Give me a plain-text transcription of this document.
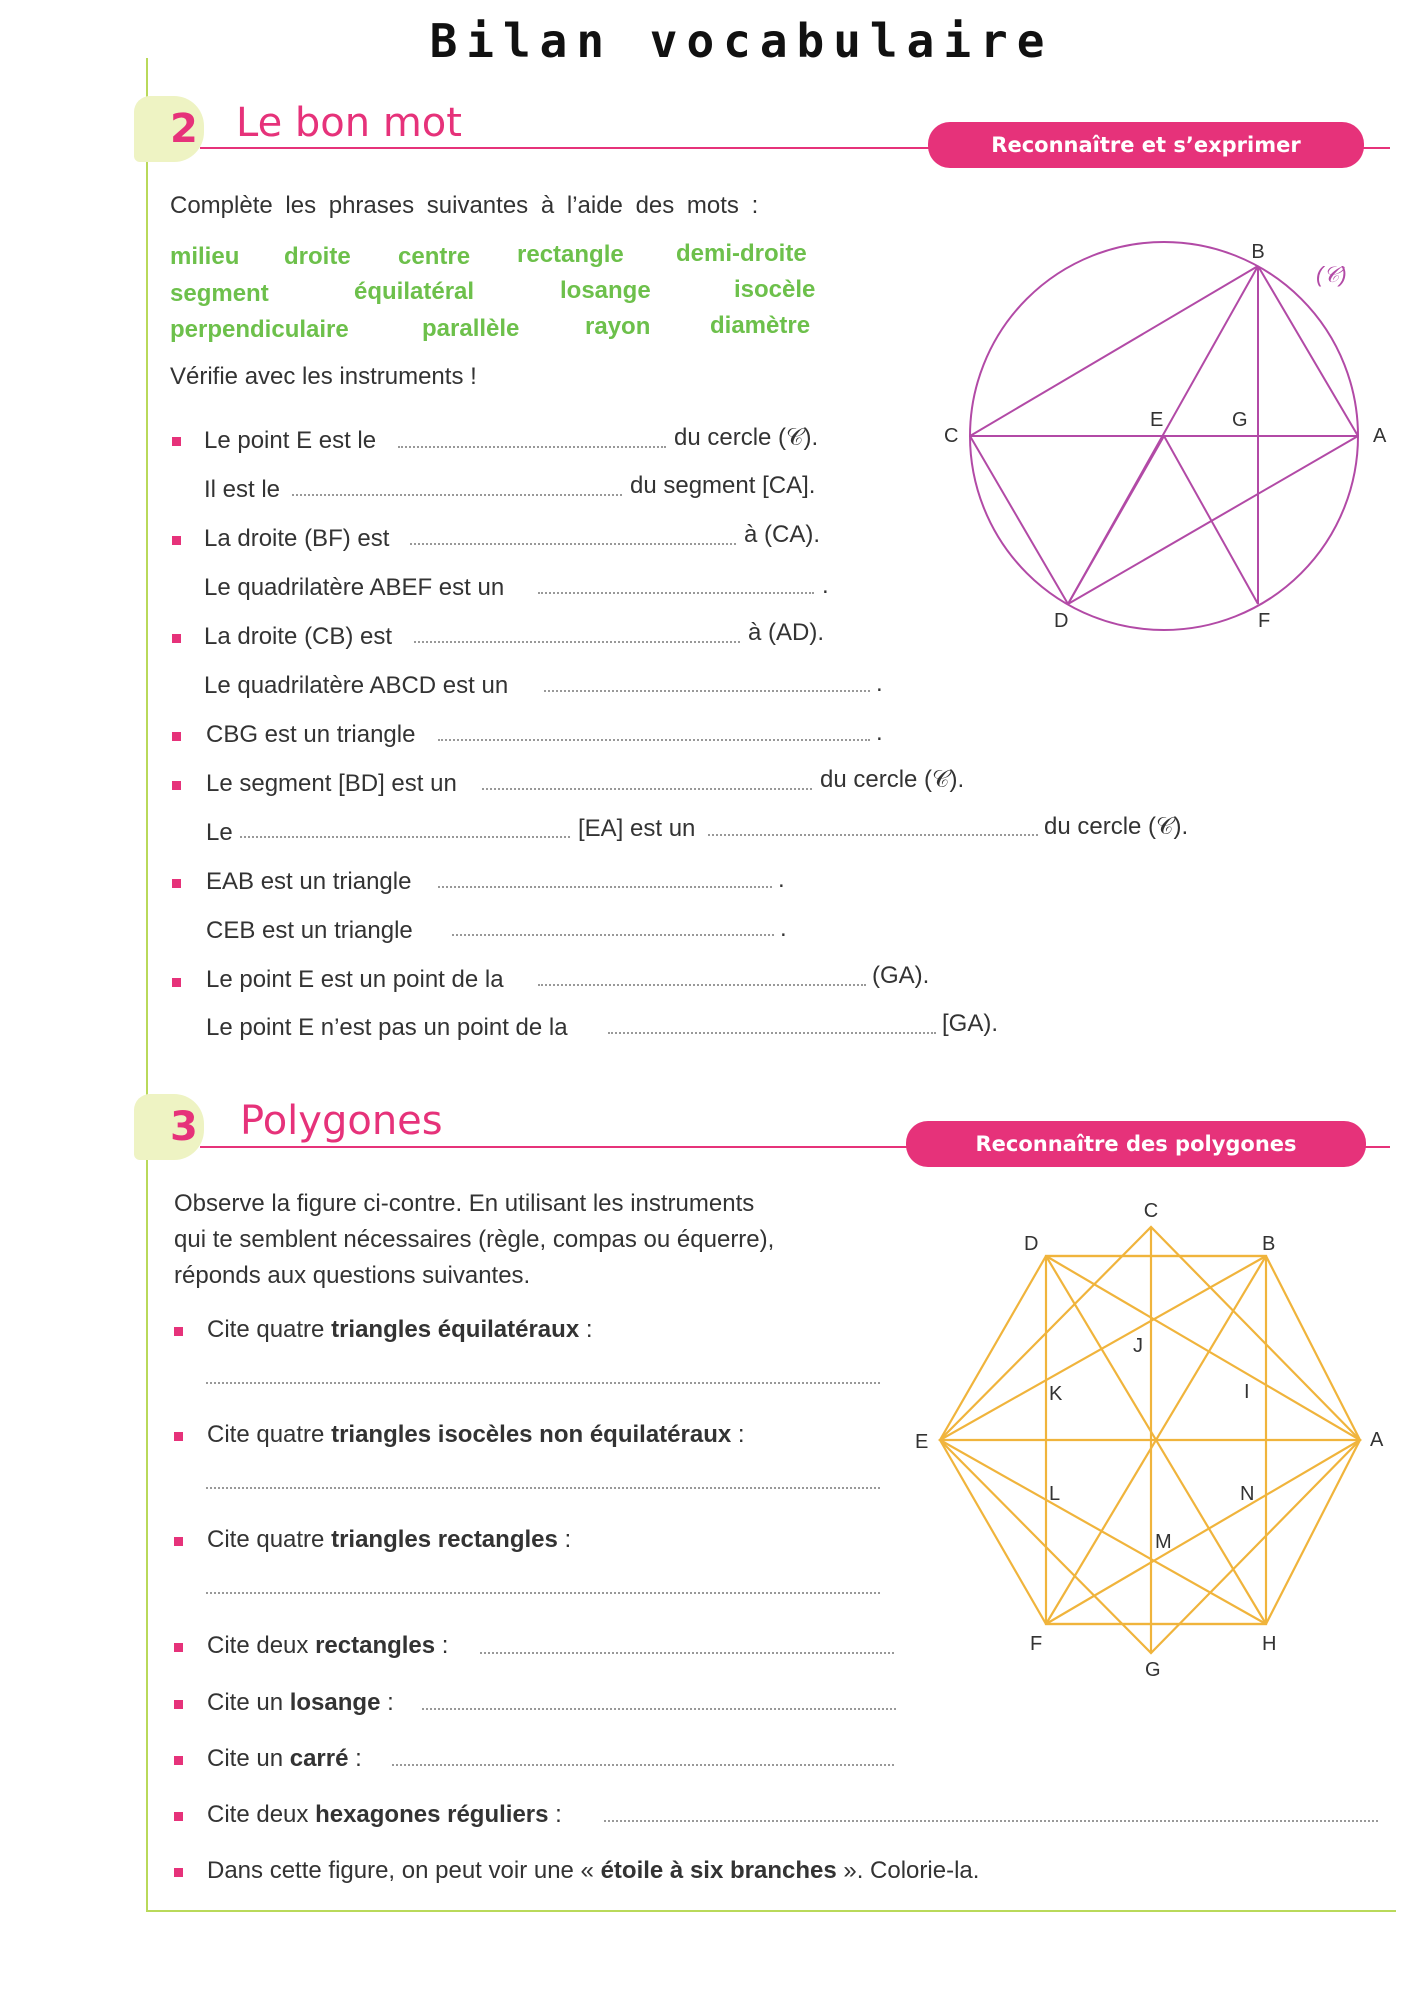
Bilan vocabulaire
2 Le bon mot	Reconnaître et s’exprimer
Complète les phrases suivantes à l’aide des mots :
milieu droite centre rectangle demi-droite
segment	équilatéral	losange	isocèle
perpendiculaire	parallèle	rayon diamètre
Vérifie avec les instruments !
Le point E est le	du cercle (𝒞).
Il est le	du segment [CA].
La droite (BF) est	à (CA).
Le quadrilatère ABEF est un	.
La droite (CB) est	à (AD).
Le quadrilatère ABCD est un	.
CBG est un triangle	.
Le segment [BD] est un	du cercle (𝒞).
Le	[EA] est un	du cercle (𝒞).
EAB est un triangle	.
CEB est un triangle	.
Le point E est un point de la	(GA).
Le point E n’est pas un point de la	[GA).
B
A
C
D	F
E	G
(𝒞)
3 Polygones	Reconnaître des polygones
Observe la figure ci-contre. En utilisant les instruments
qui te semblent nécessaires (règle, compas ou équerre),
réponds aux questions suivantes.
Cite quatre triangles équilatéraux :
Cite quatre triangles isocèles non équilatéraux :
Cite quatre triangles rectangles :
Cite deux rectangles :
Cite un losange :
Cite un carré :
Cite deux hexagones réguliers :
Dans cette figure, on peut voir une « étoile à six branches ». Colorie-la.
C
D	B
E	A
F	H
G
J
K	I
L	N
M
